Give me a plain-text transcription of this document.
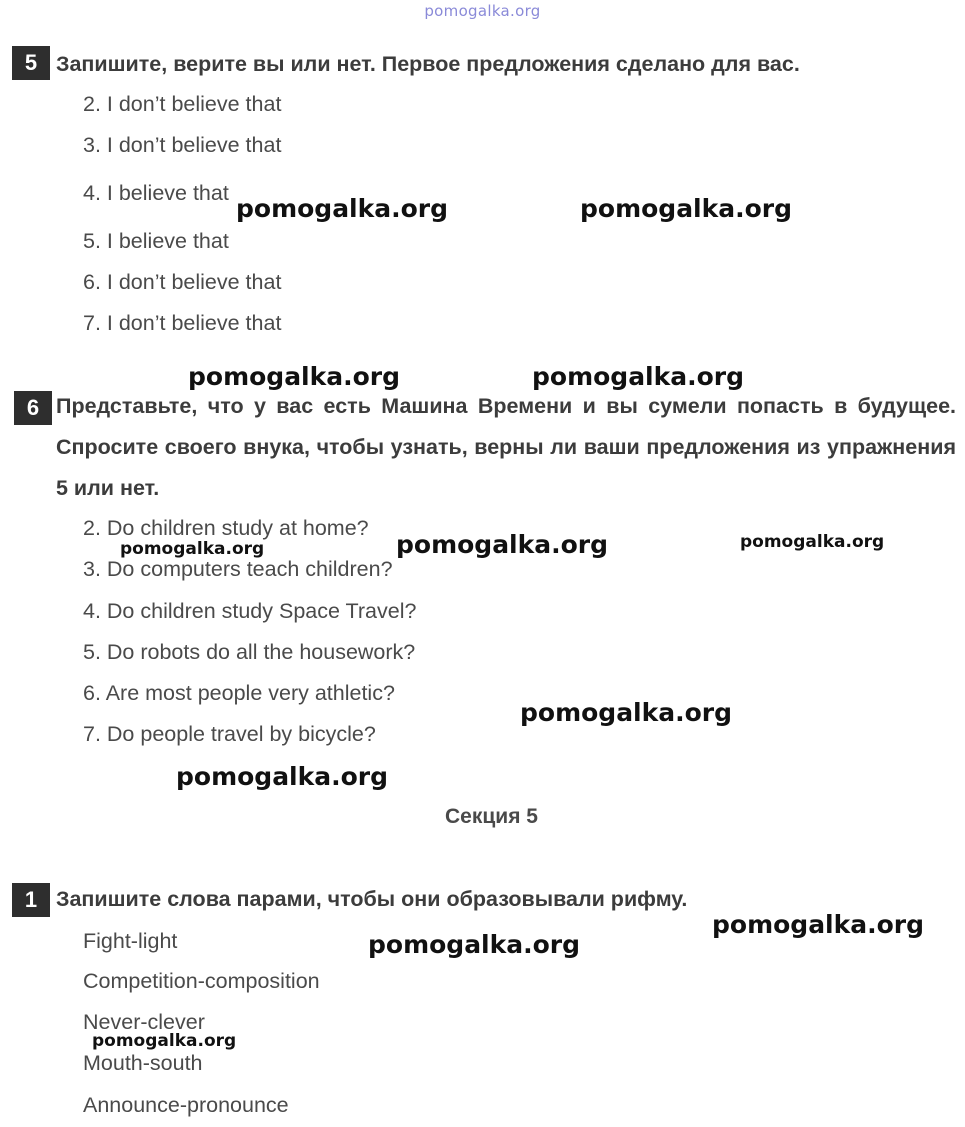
pomogalka.org
5 Запишите, верите вы или нет. Первое предложения сделано для вас.
2. I don’t believe that
3. I don’t believe that
4. I believe that
5. I believe that
6. I don’t believe that
7. I don’t believe that
6 Представьте, что у вас есть Машина Времени и вы сумели попасть в будущее. Спросите своего внука, чтобы узнать, верны ли ваши предложения из упражнения 5 или нет.
2. Do children study at home?
3. Do computers teach children?
4. Do children study Space Travel?
5. Do robots do all the housework?
6. Are most people very athletic?
7. Do people travel by bicycle?
Секция 5
1 Запишите слова парами, чтобы они образовывали рифму.
Fight-light
Competition-composition
Never-clever
Mouth-south
Announce-pronounce
pomogalka.org	pomogalka.org
pomogalka.org	pomogalka.org
pomogalka.org	pomogalka.org	pomogalka.org
pomogalka.org
pomogalka.org
pomogalka.org
pomogalka.org
pomogalka.org
